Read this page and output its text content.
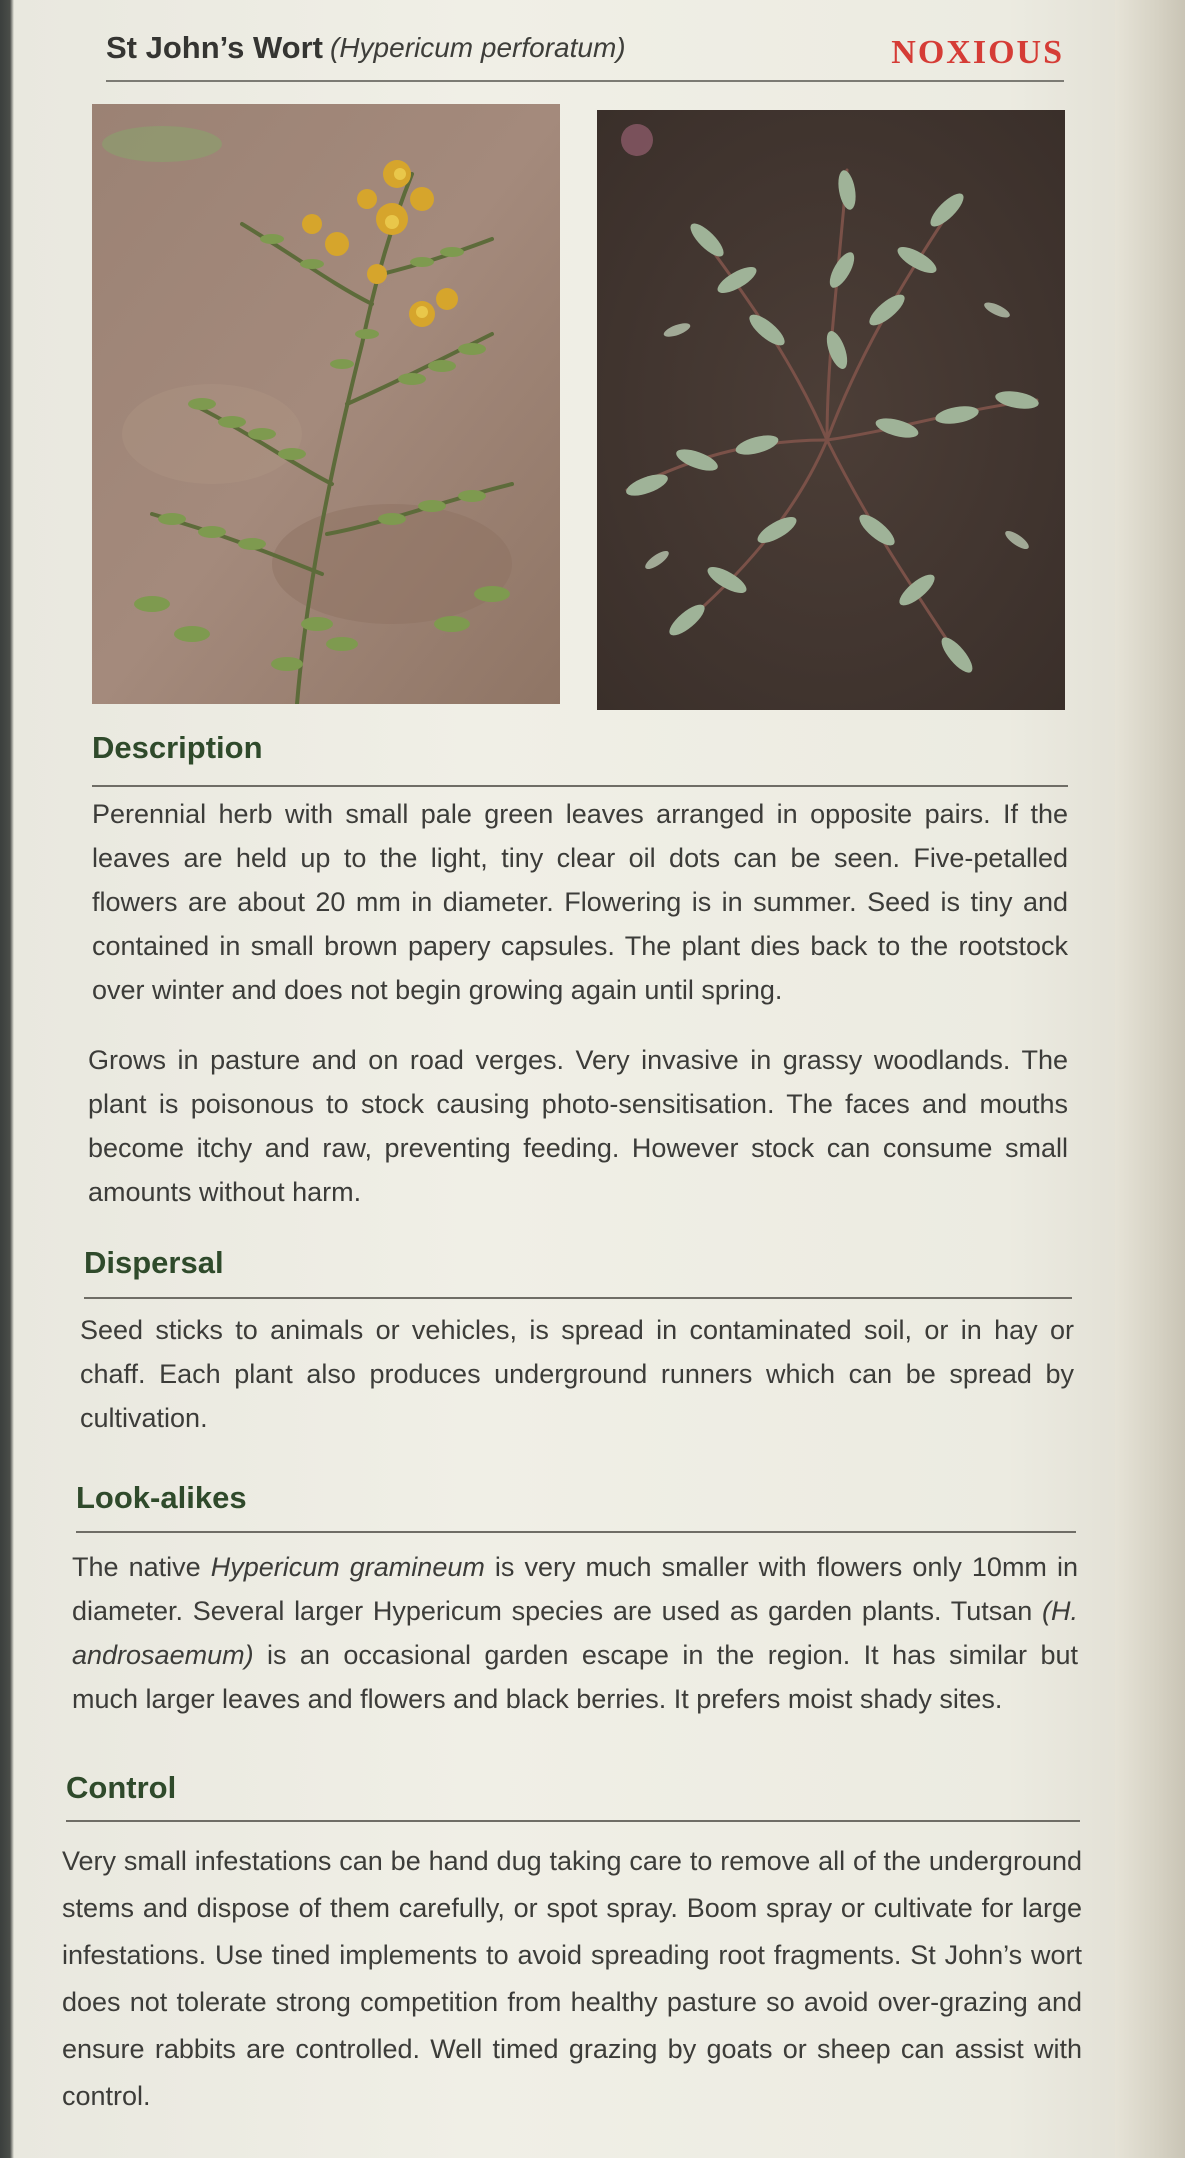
St John’s Wort (Hypericum perforatum)	NOXIOUS
Description
Perennial herb with small pale green leaves arranged in opposite pairs. If the leaves are held up to the light, tiny clear oil dots can be seen. Five-petalled flowers are about 20 mm in diameter. Flowering is in summer. Seed is tiny and contained in small brown papery capsules. The plant dies back to the rootstock over winter and does not begin growing again until spring.
Grows in pasture and on road verges. Very invasive in grassy woodlands. The plant is poisonous to stock causing photo-sensitisation. The faces and mouths become itchy and raw, preventing feeding. However stock can consume small amounts without harm.
Dispersal
Seed sticks to animals or vehicles, is spread in contaminated soil, or in hay or chaff. Each plant also produces underground runners which can be spread by cultivation.
Look-alikes
The native Hypericum gramineum is very much smaller with flowers only 10mm in diameter. Several larger Hypericum species are used as garden plants. Tutsan (H. androsaemum) is an occasional garden escape in the region. It has similar but much larger leaves and flowers and black berries. It prefers moist shady sites.
Control
Very small infestations can be hand dug taking care to remove all of the underground stems and dispose of them carefully, or spot spray. Boom spray or cultivate for large infestations. Use tined implements to avoid spreading root fragments. St John’s wort does not tolerate strong competition from healthy pasture so avoid over-grazing and ensure rabbits are controlled. Well timed grazing by goats or sheep can assist with control.
